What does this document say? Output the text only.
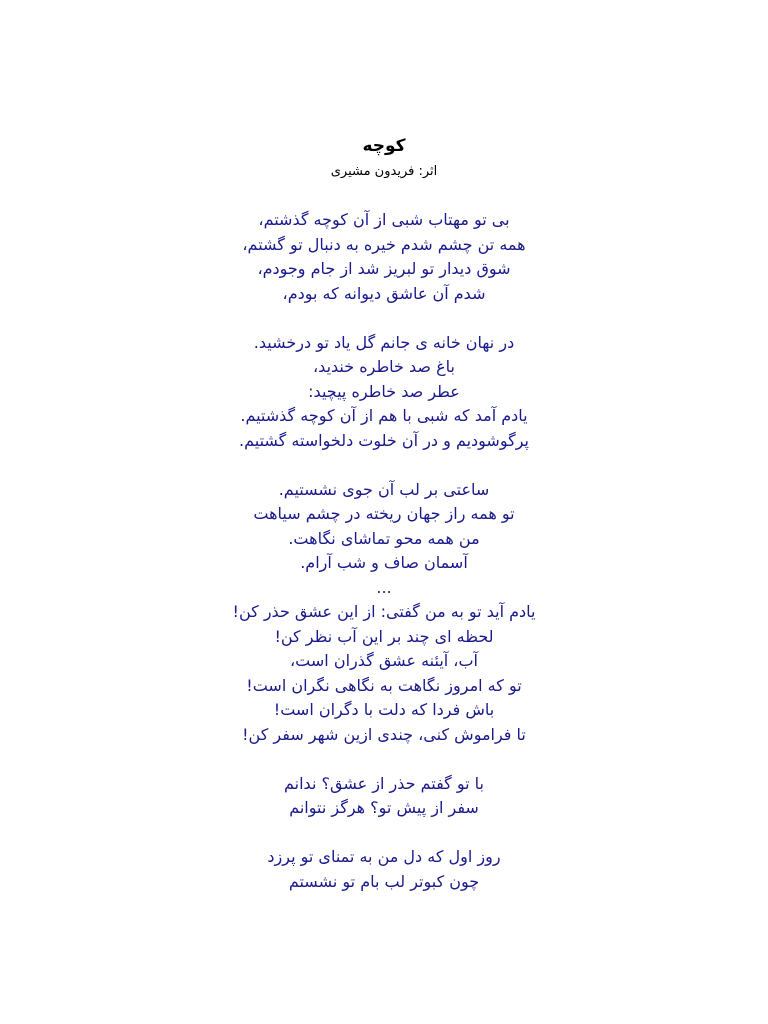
کوچه

اثر: فریدون مشیری

بی تو مهتاب شبی از آن کوچه گذشتم،
همه تن چشم شدم خیره به دنبال تو گشتم،
شوق دیدار تو لبریز شد از جام وجودم،
شدم آن عاشق دیوانه که بودم،
در نهان خانه ی جانم گل یاد تو درخشید.
باغ صد خاطره خندید،
عطر صد خاطره پیچید:
یادم آمد که شبی با هم از آن کوچه گذشتیم.
پرگوشودیم و در آن خلوت دلخواسته گشتیم.
ساعتی بر لب آن جوی نشستیم.
تو همه راز جهان ریخته در چشم سیاهت
من همه محو تماشای نگاهت.
آسمان صاف و شب آرام.
...
یادم آید تو به من گفتی: از این عشق حذر کن!
لحظه ای چند بر این آب نظر کن!
آب، آیئنه عشق گذران است،
تو که امروز نگاهت به نگاهی نگران است!
باش فردا که دلت با دگران است!
تا فراموش کنی، چندی ازین شهر سفر کن!
با تو گفتم حذر از عشق؟ ندانم
سفر از پیش تو؟ هرگز نتوانم
روز اول که دل من به تمنای تو پرزد
چون کبوتر لب بام تو نشستم
